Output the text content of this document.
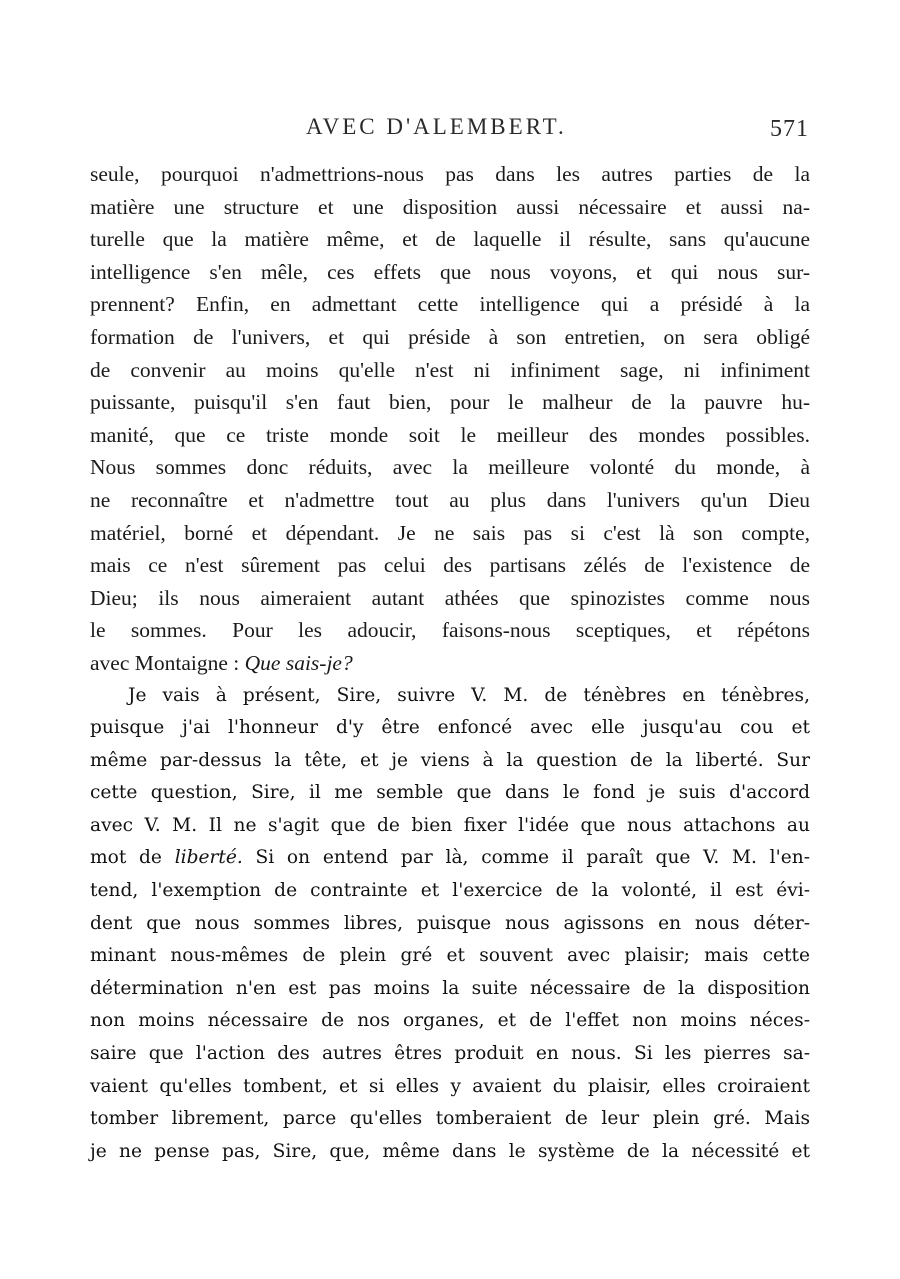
AVEC D'ALEMBERT.	571
seule, pourquoi n'admettrions-nous pas dans les autres parties de la
matière une structure et une disposition aussi nécessaire et aussi na-
turelle que la matière même, et de laquelle il résulte, sans qu'aucune
intelligence s'en mêle, ces effets que nous voyons, et qui nous sur-
prennent? Enfin, en admettant cette intelligence qui a présidé à la
formation de l'univers, et qui préside à son entretien, on sera obligé
de convenir au moins qu'elle n'est ni infiniment sage, ni infiniment
puissante, puisqu'il s'en faut bien, pour le malheur de la pauvre hu-
manité, que ce triste monde soit le meilleur des mondes possibles.
Nous sommes donc réduits, avec la meilleure volonté du monde, à
ne reconnaître et n'admettre tout au plus dans l'univers qu'un Dieu
matériel, borné et dépendant. Je ne sais pas si c'est là son compte,
mais ce n'est sûrement pas celui des partisans zélés de l'existence de
Dieu; ils nous aimeraient autant athées que spinozistes comme nous
le sommes. Pour les adoucir, faisons-nous sceptiques, et répétons
avec Montaigne : Que sais-je?
Je vais à présent, Sire, suivre V. M. de ténèbres en ténèbres,
puisque j'ai l'honneur d'y être enfoncé avec elle jusqu'au cou et
même par-dessus la tête, et je viens à la question de la liberté. Sur
cette question, Sire, il me semble que dans le fond je suis d'accord
avec V. M. Il ne s'agit que de bien fixer l'idée que nous attachons au
mot de liberté. Si on entend par là, comme il paraît que V. M. l'en-
tend, l'exemption de contrainte et l'exercice de la volonté, il est évi-
dent que nous sommes libres, puisque nous agissons en nous déter-
minant nous-mêmes de plein gré et souvent avec plaisir; mais cette
détermination n'en est pas moins la suite nécessaire de la disposition
non moins nécessaire de nos organes, et de l'effet non moins néces-
saire que l'action des autres êtres produit en nous. Si les pierres sa-
vaient qu'elles tombent, et si elles y avaient du plaisir, elles croiraient
tomber librement, parce qu'elles tomberaient de leur plein gré. Mais
je ne pense pas, Sire, que, même dans le système de la nécessité et
